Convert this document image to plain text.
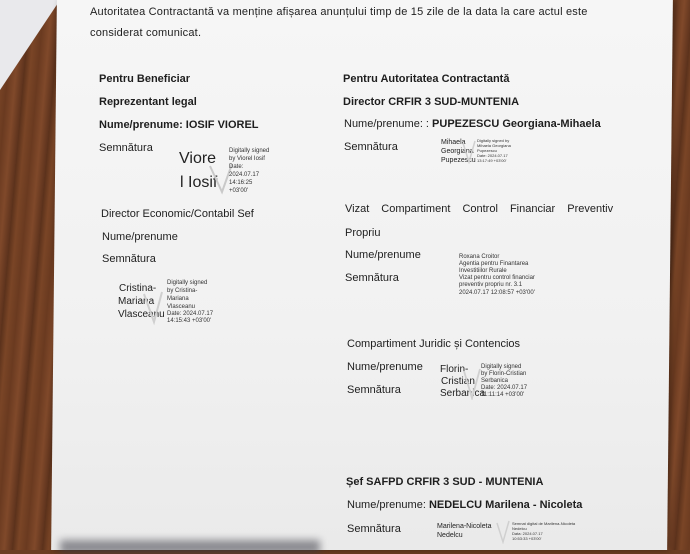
Autoritatea Contractantă va menține afișarea anunțului timp de 15 zile de la data la care actul este
considerat comunicat.
Pentru Beneficiar
Reprezentant legal
Nume/prenume: IOSIF VIOREL
Semnătura
Viore
l Iosif
Digitally signed
by Viorel Iosif
Date:
2024.07.17
14:16:25
+03'00'
Director Economic/Contabil Sef
Nume/prenume
Semnătura
Cristina-
Mariana
Vlasceanu
Digitally signed
by Cristina-
Mariana
Vlasceanu
Date: 2024.07.17
14:15:43 +03'00'
Pentru Autoritatea Contractantă
Director CRFIR 3 SUD-MUNTENIA
Nume/prenume: : PUPEZESCU Georgiana-Mihaela
Semnătura	Mihaela
Georgiana
Pupezescu
Digitally signed by
Mihaela Georgiana
Pupezescu
Date: 2024.07.17
13:17:49 +03'00'
Vizat Compartiment Control Financiar Preventiv
Propriu
Nume/prenume
Semnătura
Roxana Croitor
Agentia pentru Finantarea
Investitiilor Rurale
Vizat pentru control financiar
preventiv propriu nr. 3.1
2024.07.17 12:08:57 +03'00'
Compartiment Juridic și Contencios
Nume/prenume
Semnătura
Florin-
Cristian
Serbanica
Digitally signed
by Florin-Cristian
Serbanica
Date: 2024.07.17
11:11:14 +03'00'
Șef SAFPD CRFIR 3 SUD - MUNTENIA
Nume/prenume: NEDELCU Marilena - Nicoleta
Semnătura	Marilena-Nicoleta
Nedelcu
Semnat digital de Marilena-Nicoleta
Nedelcu
Data: 2024.07.17
10:53:33 +03'00'
